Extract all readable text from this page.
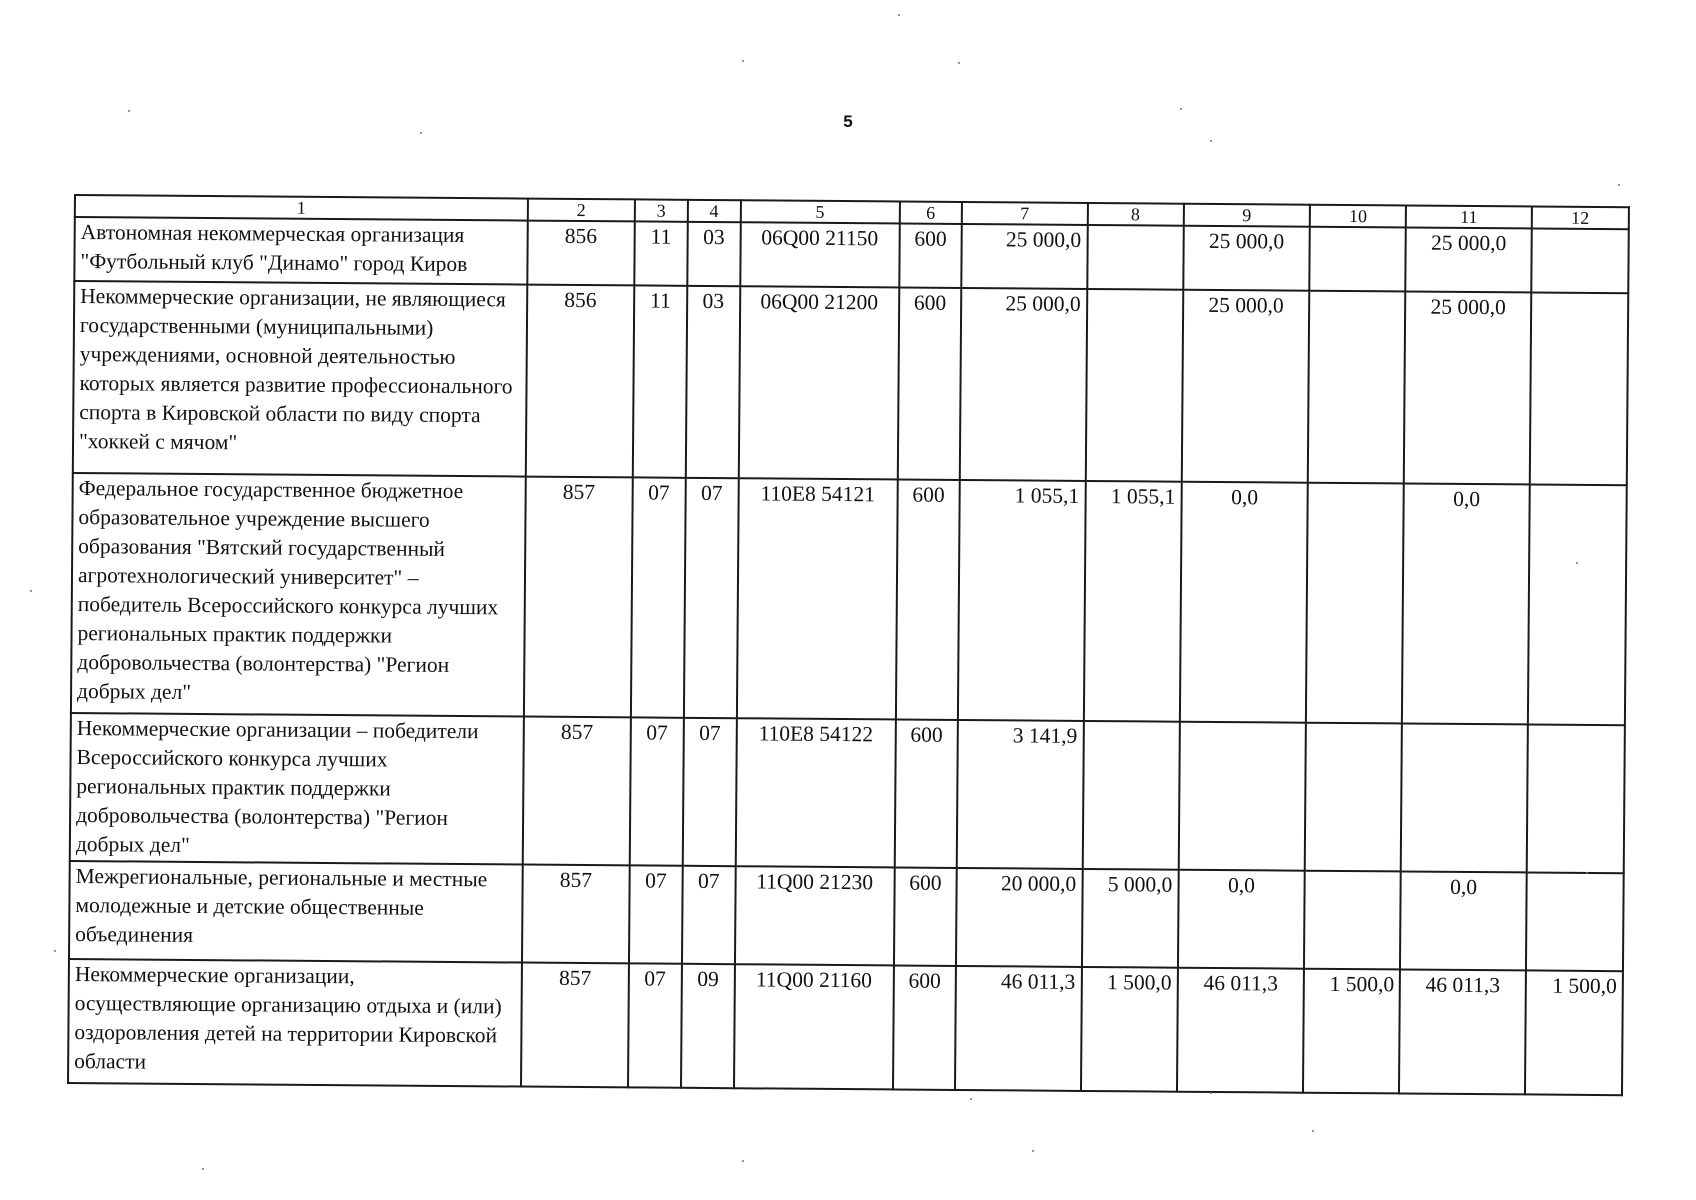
5
1	2	3	4	5	6	7	8	9	10	11	12
Автономная некоммерческая организация "Футбольный клуб "Динамо" город Киров	856	11	03	06Q00 21150	600	25 000,0		25 000,0		25 000,0	
Некоммерческие организации, не являющиеся государственными (муниципальными) учреждениями, основной деятельностью которых является развитие профессионального спорта в Кировской области по виду спорта "хоккей с мячом"	856	11	03	06Q00 21200	600	25 000,0		25 000,0		25 000,0	
Федеральное государственное бюджетное образовательное учреждение высшего образования "Вятский государственный агротехнологический университет" – победитель Всероссийского конкурса лучших региональных практик поддержки добровольчества (волонтерства) "Регион добрых дел"	857	07	07	110E8 54121	600	1 055,1	1 055,1	0,0		0,0	
Некоммерческие организации – победители Всероссийского конкурса лучших региональных практик поддержки добровольчества (волонтерства) "Регион добрых дел"	857	07	07	110E8 54122	600	3 141,9					
Межрегиональные, региональные и местные молодежные и детские общественные объединения	857	07	07	11Q00 21230	600	20 000,0	5 000,0	0,0		0,0	
Некоммерческие организации, осуществляющие организацию отдыха и (или) оздоровления детей на территории Кировской области	857	07	09	11Q00 21160	600	46 011,3	1 500,0	46 011,3	1 500,0	46 011,3	1 500,0
